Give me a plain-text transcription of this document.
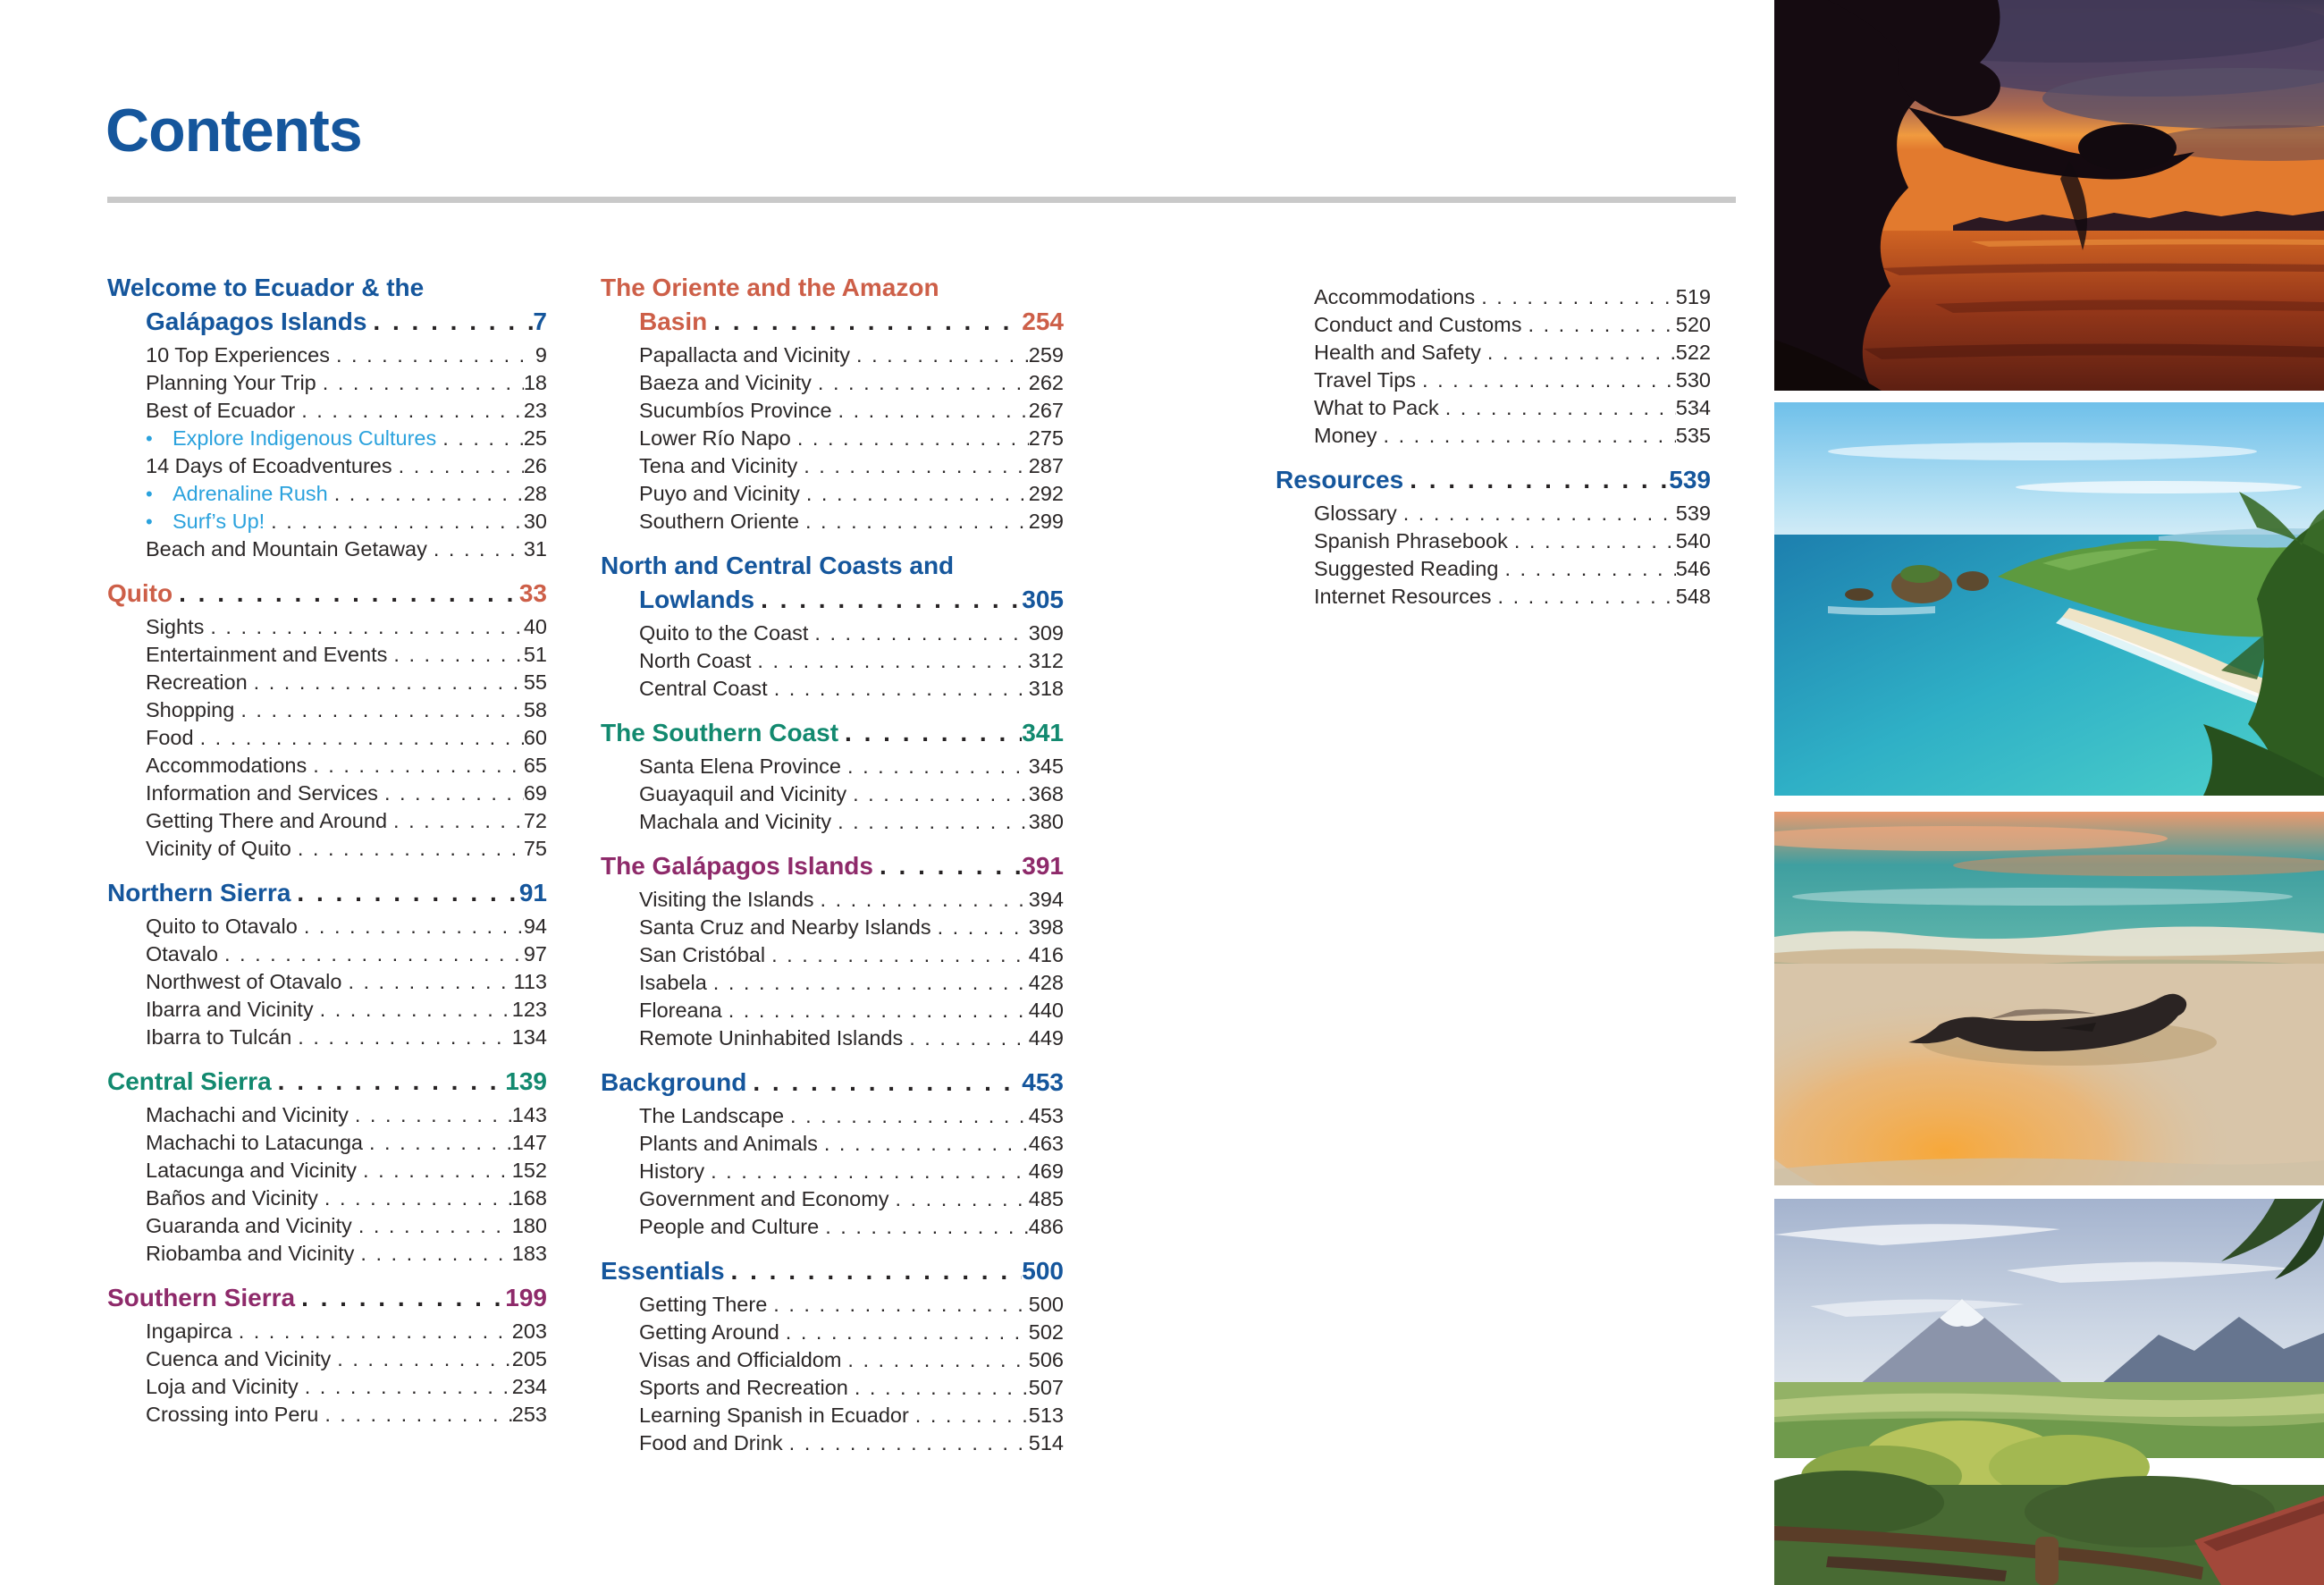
Contents
Welcome to Ecuador & the
Galápagos Islands . . .	7
10 Top Experiences . . .	9
Planning Your Trip . . .	18
Best of Ecuador . . .	23
• Explore Indigenous Cultures . . .	25
14 Days of Ecoadventures . . .	26
• Adrenaline Rush . . .	28
• Surf’s Up! . . .	30
Beach and Mountain Getaway . . .	31
Quito . . .	33
Sights . . .	40
Entertainment and Events . . .	51
Recreation . . .	55
Shopping . . .	58
Food . . .	60
Accommodations . . .	65
Information and Services . . .	69
Getting There and Around . . .	72
Vicinity of Quito . . .	75
Northern Sierra . . .	91
Quito to Otavalo . . .	94
Otavalo . . .	97
Northwest of Otavalo . . .	113
Ibarra and Vicinity . . .	123
Ibarra to Tulcán . . .	134
Central Sierra . . .	139
Machachi and Vicinity . . .	143
Machachi to Latacunga . . .	147
Latacunga and Vicinity . . .	152
Baños and Vicinity . . .	168
Guaranda and Vicinity . . .	180
Riobamba and Vicinity . . .	183
Southern Sierra . . .	199
Ingapirca . . .	203
Cuenca and Vicinity . . .	205
Loja and Vicinity . . .	234
Crossing into Peru . . .	253
The Oriente and the Amazon
Basin . . .	254
Papallacta and Vicinity . . .	259
Baeza and Vicinity . . .	262
Sucumbíos Province . . .	267
Lower Río Napo . . .	275
Tena and Vicinity . . .	287
Puyo and Vicinity . . .	292
Southern Oriente . . .	299
North and Central Coasts and
Lowlands . . .	305
Quito to the Coast . . .	309
North Coast . . .	312
Central Coast . . .	318
The Southern Coast . . .	341
Santa Elena Province . . .	345
Guayaquil and Vicinity . . .	368
Machala and Vicinity . . .	380
The Galápagos Islands . . .	391
Visiting the Islands . . .	394
Santa Cruz and Nearby Islands . . .	398
San Cristóbal . . .	416
Isabela . . .	428
Floreana . . .	440
Remote Uninhabited Islands . . .	449
Background . . .	453
The Landscape . . .	453
Plants and Animals . . .	463
History . . .	469
Government and Economy . . .	485
People and Culture . . .	486
Essentials . . .	500
Getting There . . .	500
Getting Around . . .	502
Visas and Officialdom . . .	506
Sports and Recreation . . .	507
Learning Spanish in Ecuador . . .	513
Food and Drink . . .	514
Accommodations . . .	519
Conduct and Customs . . .	520
Health and Safety . . .	522
Travel Tips . . .	530
What to Pack . . .	534
Money . . .	535
Resources . . .	539
Glossary . . .	539
Spanish Phrasebook . . .	540
Suggested Reading . . .	546
Internet Resources . . .	548
